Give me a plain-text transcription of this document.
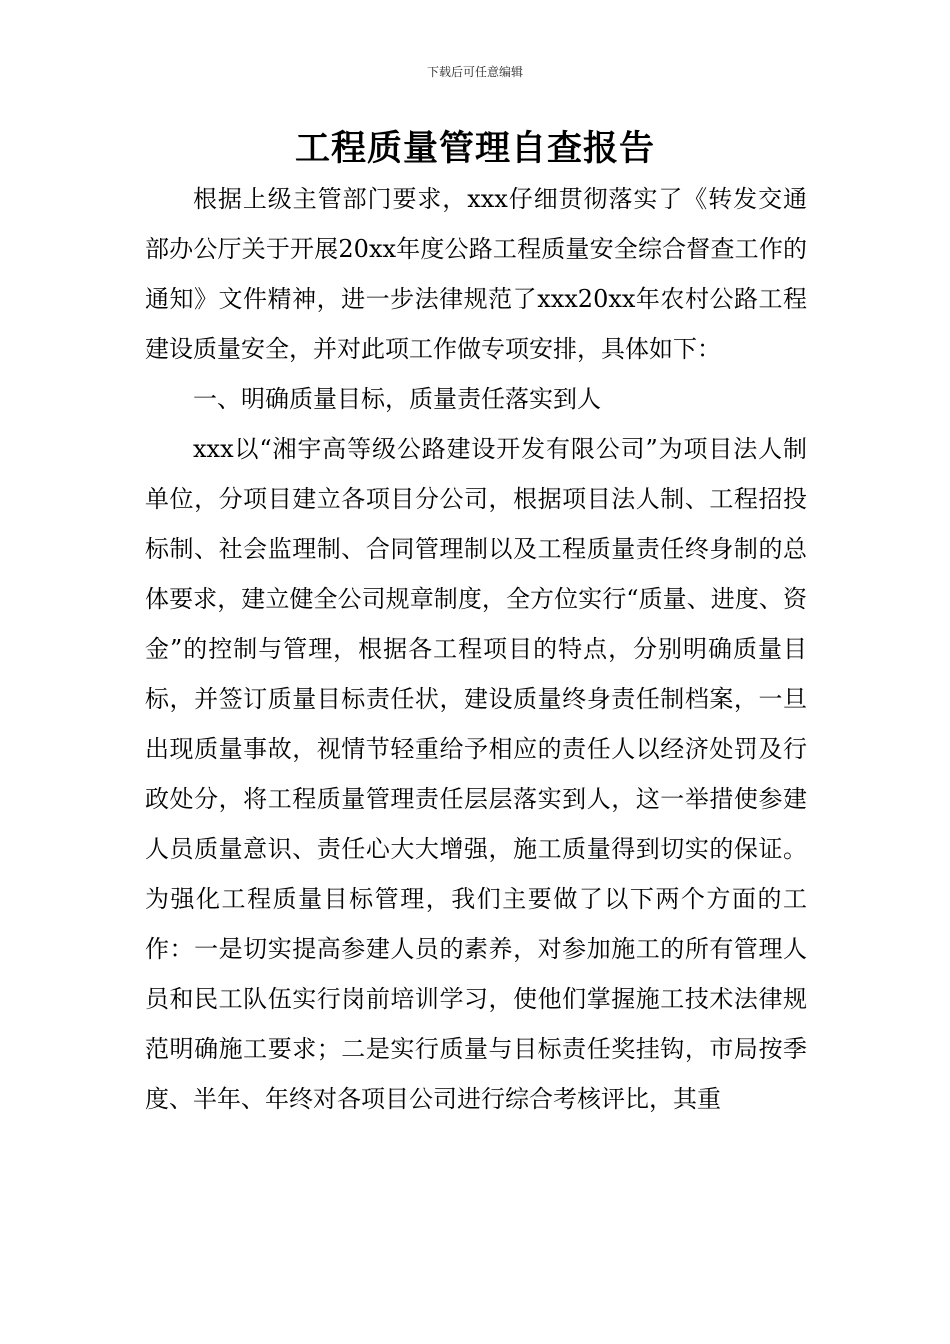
下载后可任意编辑
工程质量管理自查报告

根据上级主管部门要求，xxx仔细贯彻落实了《转发交通部办公厅关于开展20xx年度公路工程质量安全综合督查工作的通知》文件精神，进一步法律规范了xxx20xx年农村公路工程建设质量安全，并对此项工作做专项安排，具体如下：

一、明确质量目标，质量责任落实到人

xxx以“湘宇高等级公路建设开发有限公司”为项目法人制单位，分项目建立各项目分公司，根据项目法人制、工程招投标制、社会监理制、合同管理制以及工程质量责任终身制的总体要求，建立健全公司规章制度，全方位实行“质量、进度、资金”的控制与管理，根据各工程项目的特点，分别明确质量目标，并签订质量目标责任状，建设质量终身责任制档案，一旦出现质量事故，视情节轻重给予相应的责任人以经济处罚及行政处分，将工程质量管理责任层层落实到人，这一举措使参建人员质量意识、责任心大大增强，施工质量得到切实的保证。为强化工程质量目标管理，我们主要做了以下两个方面的工作：一是切实提高参建人员的素养，对参加施工的所有管理人员和民工队伍实行岗前培训学习，使他们掌握施工技术法律规范明确施工要求；二是实行质量与目标责任奖挂钩，市局按季度、半年、年终对各项目公司进行综合考核评比，其重
